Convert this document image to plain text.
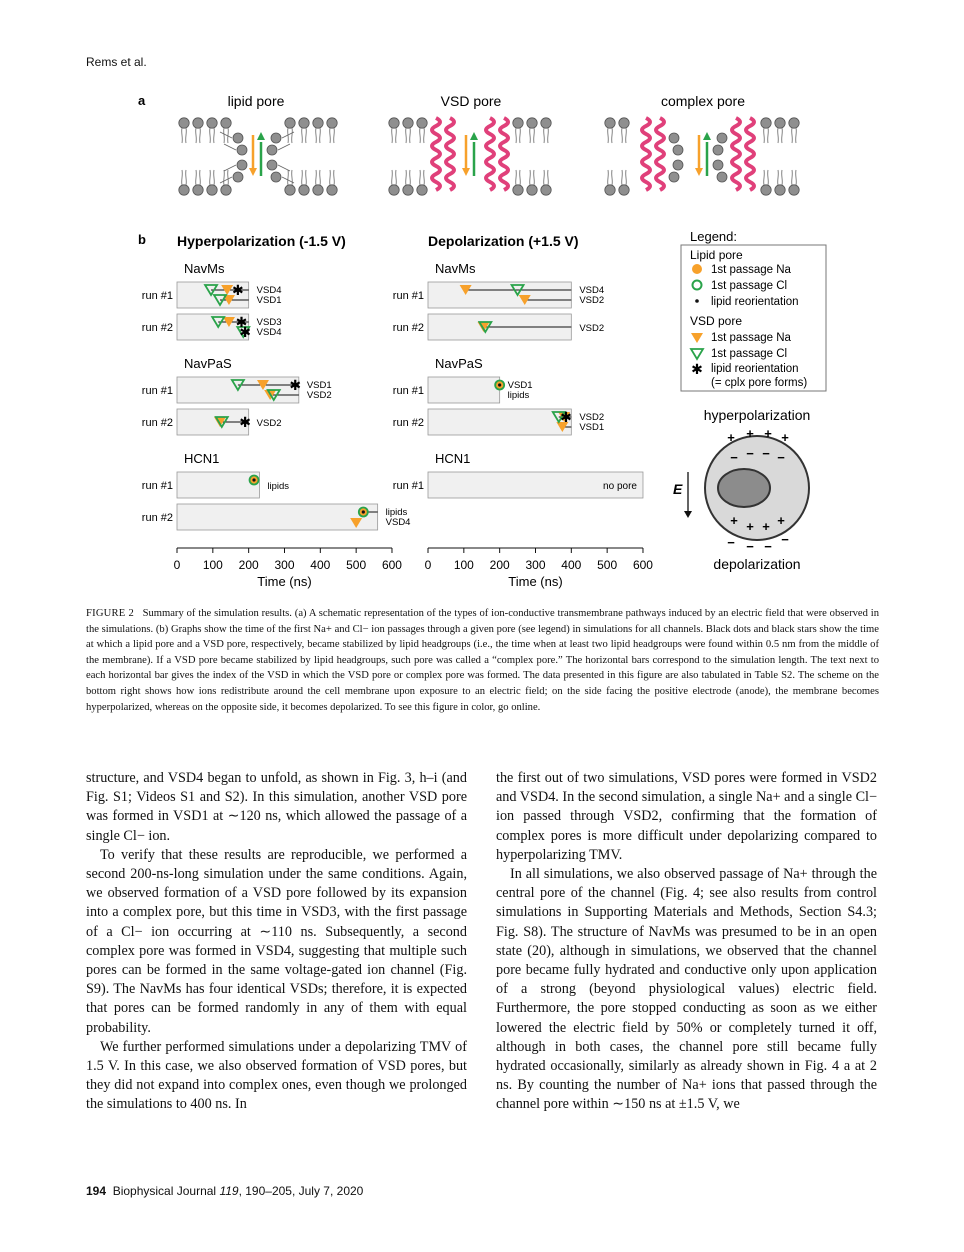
Rems et al.
a	lipid pore	VSD pore	complex pore
b Hyperpolarization (-1.5 V)	Depolarization (+1.5 V)
NavMs
NavPaS
HCN1
0 100 200 300 400 500 600
Time (ns)
NavMs
NavPaS
HCN1
0 100 200 300 400 500 600
Time (ns)
run #1	✱ VSD4
VSD1
run #2	✱
✱
VSD3
VSD4
run #1	✱ VSD1
VSD2
run #2	✱ VSD2
run #1	lipids
run #2	lipids
VSD4
run #1	VSD4
VSD2
run #2	VSD2
run #1	VSD1
lipids
run #2	✱ VSD2
VSD1
run #1	no pore
Legend:
Lipid pore
1st passage Na
1st passage Cl
lipid reorientation
VSD pore
1st passage Na
1st passage Cl
✱ lipid reorientation
(= cplx pore forms)
hyperpolarization
+ + + +
− − − −
+ + + +
− − − −
E
depolarization
FIGURE 2 Summary of the simulation results. (a) A schematic representation of the types of ion-conductive transmembrane pathways induced by an electric field that were observed in the simulations. (b) Graphs show the time of the first Na+ and Cl− ion passages through a given pore (see legend) in simulations for all channels. Black dots and black stars show the time at which a lipid pore and a VSD pore, respectively, became stabilized by lipid headgroups (i.e., the time when at least two lipid headgroups were found within 0.5 nm from the middle of the membrane). If a VSD pore became stabilized by lipid headgroups, such pore was called a “complex pore.” The horizontal bars correspond to the simulation length. The text next to each horizontal bar gives the index of the VSD in which the VSD pore or complex pore was formed. The data presented in this figure are also tabulated in Table S2. The scheme on the bottom right shows how ions redistribute around the cell membrane upon exposure to an electric field; on the side facing the positive electrode (anode), the membrane becomes hyperpolarized, whereas on the opposite side, it becomes depolarized. To see this figure in color, go online.

structure, and VSD4 began to unfold, as shown in Fig. 3, h–i (and Fig. S1; Videos S1 and S2). In this simulation, another VSD pore was formed in VSD1 at ∼120 ns, which allowed the passage of a single Cl− ion.

To verify that these results are reproducible, we performed a second 200-ns-long simulation under the same conditions. Again, we observed formation of a VSD pore followed by its expansion into a complex pore, but this time in VSD3, with the first passage of a Cl− ion occurring at ∼110 ns. Subsequently, a second complex pore was formed in VSD4, suggesting that multiple such pores can be formed in the same voltage-gated ion channel (Fig. S9). The NavMs has four identical VSDs; therefore, it is expected that pores can be formed randomly in any of them with equal probability.

We further performed simulations under a depolarizing TMV of 1.5 V. In this case, we also observed formation of VSD pores, but they did not expand into complex ones, even though we prolonged the simulations to 400 ns. In

the first out of two simulations, VSD pores were formed in VSD2 and VSD4. In the second simulation, a single Na+ and a single Cl− ion passed through VSD2, confirming that the formation of complex pores is more difficult under depolarizing compared to hyperpolarizing TMV.

In all simulations, we also observed passage of Na+ through the central pore of the channel (Fig. 4; see also results from control simulations in Supporting Materials and Methods, Section S4.3; Fig. S8). The structure of NavMs was presumed to be in an open state (20), although in simulations, we observed that the channel pore became fully hydrated and conductive only upon application of a strong (beyond physiological values) electric field. Furthermore, the pore stopped conducting as soon as we either lowered the electric field by 50% or completely turned it off, although in both cases, the channel pore still became fully hydrated occasionally, similarly as already shown in Fig. 4 a at 2 ns. By counting the number of Na+ ions that passed through the channel pore within ∼150 ns at ±1.5 V, we

194 Biophysical Journal 119, 190–205, July 7, 2020
